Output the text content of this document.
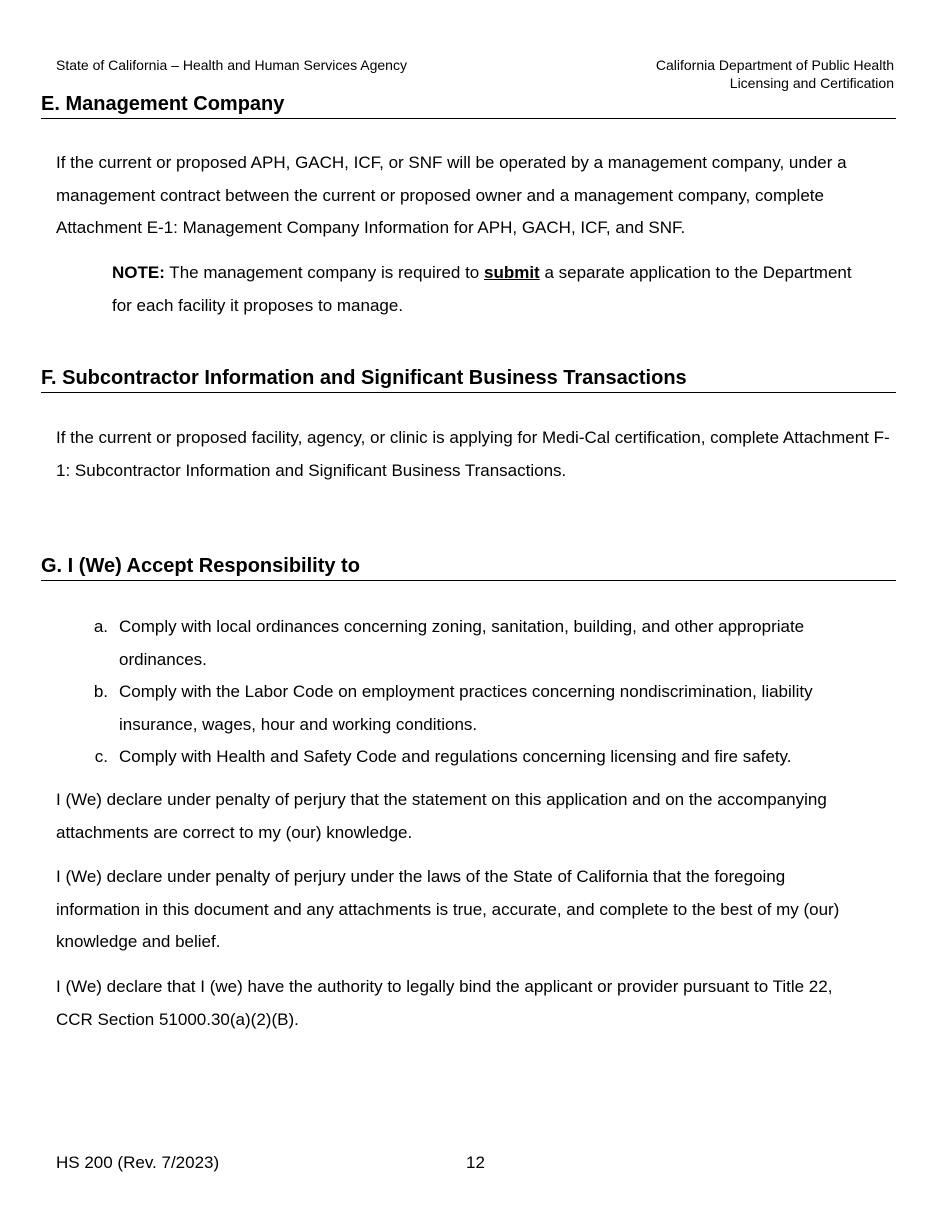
State of California – Health and Human Services Agency	California Department of Public Health
Licensing and Certification
E. Management Company
If the current or proposed APH, GACH, ICF, or SNF will be operated by a management company, under a management contract between the current or proposed owner and a management company, complete Attachment E-1: Management Company Information for APH, GACH, ICF, and SNF.
NOTE: The management company is required to submit a separate application to the Department for each facility it proposes to manage.
F. Subcontractor Information and Significant Business Transactions
If the current or proposed facility, agency, or clinic is applying for Medi-Cal certification, complete Attachment F-1: Subcontractor Information and Significant Business Transactions.
G. I (We) Accept Responsibility to
a. Comply with local ordinances concerning zoning, sanitation, building, and other appropriate ordinances.
b. Comply with the Labor Code on employment practices concerning nondiscrimination, liability insurance, wages, hour and working conditions.
c. Comply with Health and Safety Code and regulations concerning licensing and fire safety.
I (We) declare under penalty of perjury that the statement on this application and on the accompanying attachments are correct to my (our) knowledge.
I (We) declare under penalty of perjury under the laws of the State of California that the foregoing information in this document and any attachments is true, accurate, and complete to the best of my (our) knowledge and belief.
I (We) declare that I (we) have the authority to legally bind the applicant or provider pursuant to Title 22, CCR Section 51000.30(a)(2)(B).
HS 200 (Rev. 7/2023)	12
